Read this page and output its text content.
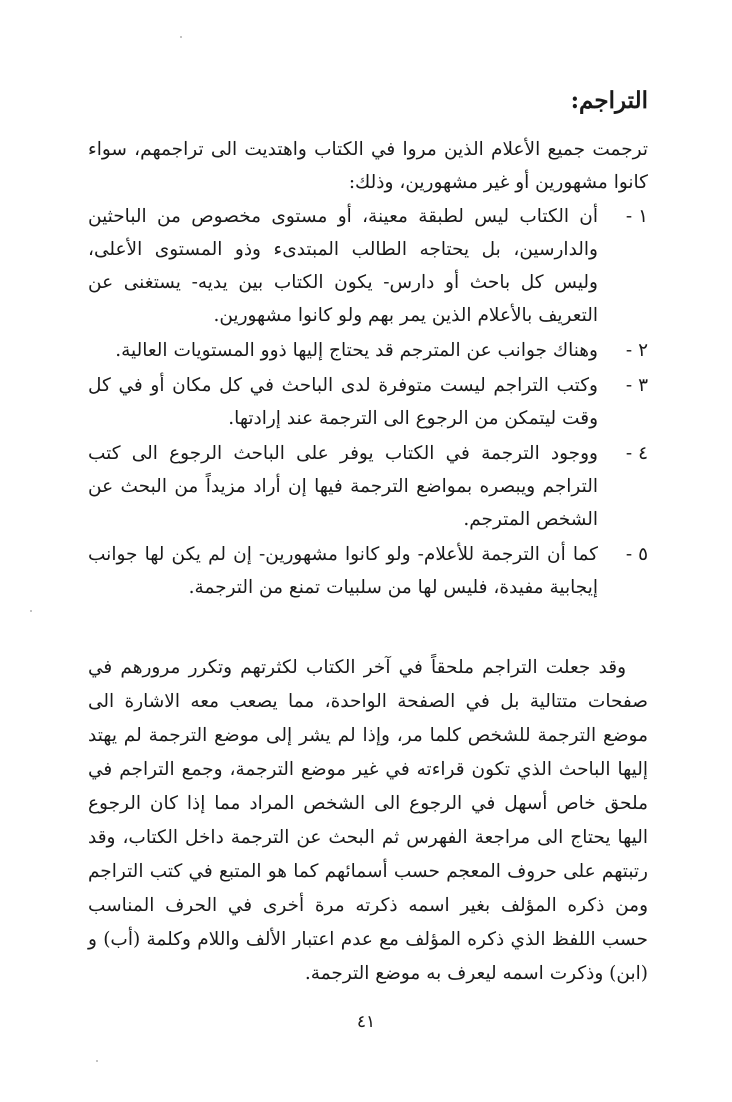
التراجم:

ترجمت جميع الأعلام الذين مروا في الكتاب واهتديت الى تراجمهم، سواء كانوا مشهورين أو غير مشهورين، وذلك:

١ -
أن الكتاب ليس لطبقة معينة، أو مستوى مخصوص من الباحثين والدارسين، بل يحتاجه الطالب المبتدىء وذو المستوى الأعلى، وليس كل باحث أو دارس- يكون الكتاب بين يديه- يستغنى عن التعريف بالأعلام الذين يمر بهم ولو كانوا مشهورين.
٢ -
وهناك جوانب عن المترجم قد يحتاج إليها ذوو المستويات العالية.
٣ -
وكتب التراجم ليست متوفرة لدى الباحث في كل مكان أو في كل وقت ليتمكن من الرجوع الى الترجمة عند إرادتها.
٤ -
ووجود الترجمة في الكتاب يوفر على الباحث الرجوع الى كتب التراجم ويبصره بمواضع الترجمة فيها إن أراد مزيداً من البحث عن الشخص المترجم.
٥ -
كما أن الترجمة للأعلام- ولو كانوا مشهورين- إن لم يكن لها جوانب إيجابية مفيدة، فليس لها من سلبيات تمنع من الترجمة.

وقد جعلت التراجم ملحقاً في آخر الكتاب لكثرتهم وتكرر مرورهم في صفحات متتالية بل في الصفحة الواحدة، مما يصعب معه الاشارة الى موضع الترجمة للشخص كلما مر، وإذا لم يشر إلى موضع الترجمة لم يهتد إليها الباحث الذي تكون قراءته في غير موضع الترجمة، وجمع التراجم في ملحق خاص أسهل في الرجوع الى الشخص المراد مما إذا كان الرجوع اليها يحتاج الى مراجعة الفهرس ثم البحث عن الترجمة داخل الكتاب، وقد رتبتهم على حروف المعجم حسب أسمائهم كما هو المتبع في كتب التراجم ومن ذكره المؤلف بغير اسمه ذكرته مرة أخرى في الحرف المناسب حسب اللفظ الذي ذكره المؤلف مع عدم اعتبار الألف واللام وكلمة (أب) و (ابن) وذكرت اسمه ليعرف به موضع الترجمة.

٤١
